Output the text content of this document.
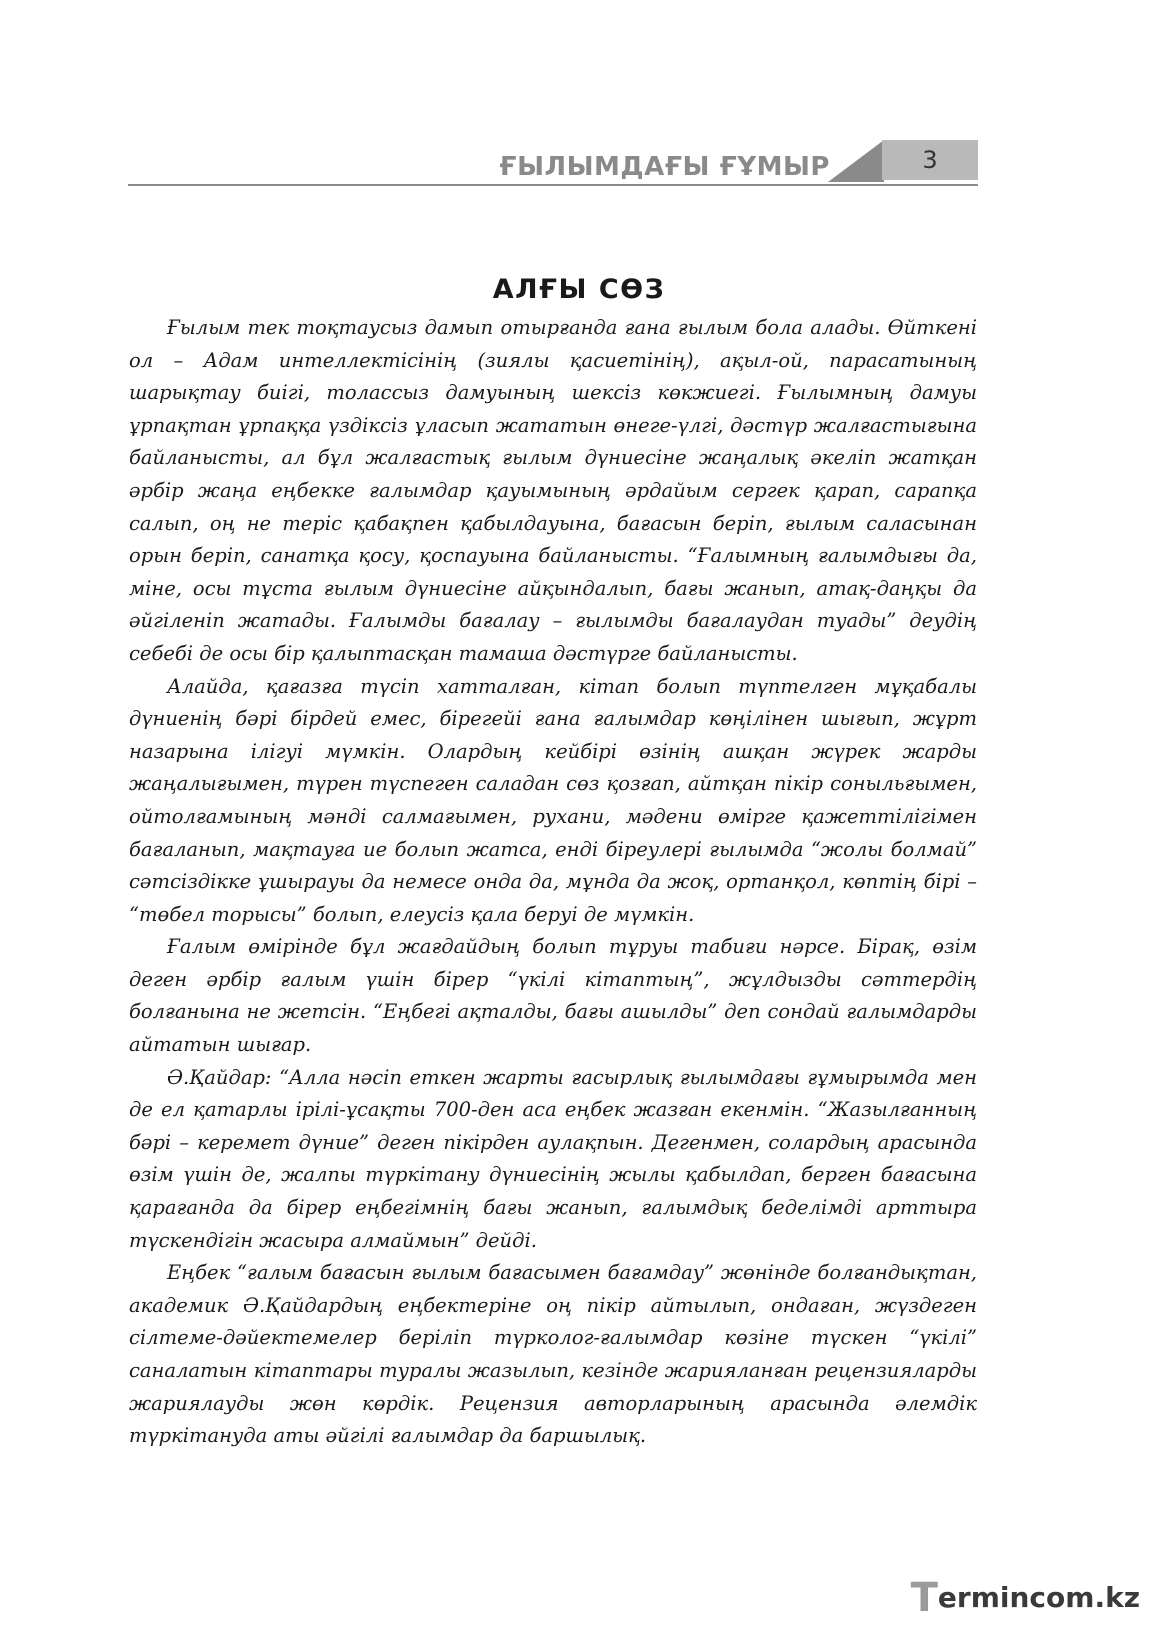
ҒЫЛЫМДАҒЫ ҒҰМЫР	3
АЛҒЫ СӨЗ

Ғылым тек тоқтаусыз дамып отырғанда ғана ғылым бола алады. Өйткені ол – Адам интеллектісінің (зиялы қасиетінің), ақыл-ой, парасатының шарықтау биігі, толассыз дамуының шексіз көкжиегі. Ғылымның дамуы ұрпақтан ұрпаққа үздіксіз ұласып жататын өнеге-үлгі, дәстүр жалғастығына байланысты, ал бұл жалғастық ғылым дүниесіне жаңалық әкеліп жатқан әрбір жаңа еңбекке ғалымдар қауымының әрдайым сергек қарап, сарапқа салып, оң не теріс қабақпен қабылдауына, бағасын беріп, ғылым саласынан орын беріп, санатқа қосу, қоспауына байланысты. “Ғалымның ғалымдығы да, міне, осы тұста ғылым дүниесіне айқындалып, бағы жанып, атақ-даңқы да әйгіленіп жатады. Ғалымды бағалау – ғылымды бағалаудан туады” деудің себебі де осы бір қалыптасқан тамаша дәстүрге байланысты.

Алайда, қағазға түсіп хатталған, кітап болып түптелген мұқабалы дүниенің бәрі бірдей емес, бірегейі ғана ғалымдар көңілінен шығып, жұрт назарына ілігуі мүмкін. Олардың кейбірі өзінің ашқан жүрек жарды жаңалығымен, түрен түспеген саладан сөз қозғап, айтқан пікір соныльғымен, ойтолғамының мәнді салмағымен, рухани, мәдени өмірге қажеттілігімен бағаланып, мақтауға ие болып жатса, енді біреулері ғылымда “жолы болмай” сәтсіздікке ұшырауы да немесе онда да, мұнда да жоқ, ортанқол, көптің бірі – “төбел торысы” болып, елеусіз қала беруі де мүмкін.

Ғалым өмірінде бұл жағдайдың болып тұруы табиғи нәрсе. Бірақ, өзім деген әрбір ғалым үшін бірер “үкілі кітаптың”, жұлдызды сәттердің болғанына не жетсін. “Еңбегі ақталды, бағы ашылды” деп сондай ғалымдарды айтатын шығар.

Ә.Қайдар: “Алла нәсіп еткен жарты ғасырлық ғылымдағы ғұмырымда мен де ел қатарлы ірілі-ұсақты 700-ден аса еңбек жазған екенмін. “Жазылғанның бәрі – керемет дүние” деген пікірден аулақпын. Дегенмен, солардың арасында өзім үшін де, жалпы түркітану дүниесінің жылы қабылдап, берген бағасына қарағанда да бірер еңбегімнің бағы жанып, ғалымдық беделімді арттыра түскендігін жасыра алмаймын” дейді.

Еңбек “ғалым бағасын ғылым бағасымен бағамдау” жөнінде болғандықтан, академик Ә.Қайдардың еңбектеріне оң пікір айтылып, ондаған, жүздеген сілтеме-дәйектемелер беріліп түрколог-ғалымдар көзіне түскен “үкілі” саналатын кітаптары туралы жазылып, кезінде жарияланған рецензияларды жариялауды жөн көрдік. Рецензия авторларының арасында әлемдік түркітануда аты әйгілі ғалымдар да баршылық.

Termincom.kz
